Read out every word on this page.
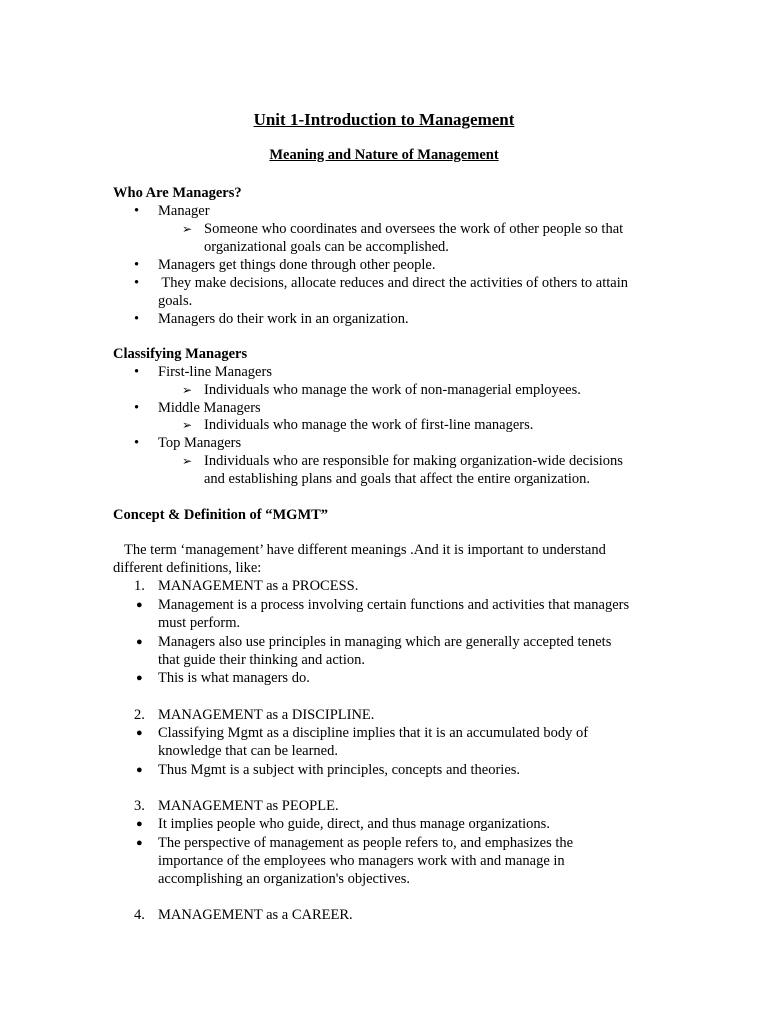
Unit 1-Introduction to Management
Meaning and Nature of Management
Who Are Managers?
• Manager
➢ Someone who coordinates and oversees the work of other people so that
organizational goals can be accomplished.
• Managers get things done through other people.
• They make decisions, allocate reduces and direct the activities of others to attain
goals.
• Managers do their work in an organization.
Classifying Managers
• First-line Managers
➢ Individuals who manage the work of non-managerial employees.
• Middle Managers
➢ Individuals who manage the work of first-line managers.
• Top Managers
➢ Individuals who are responsible for making organization-wide decisions
and establishing plans and goals that affect the entire organization.
Concept & Definition of “MGMT”
The term ‘management’ have different meanings .And it is important to understand
different definitions, like:
1. MANAGEMENT as a PROCESS.
● Management is a process involving certain functions and activities that managers
must perform.
● Managers also use principles in managing which are generally accepted tenets
that guide their thinking and action.
● This is what managers do.
2. MANAGEMENT as a DISCIPLINE.
● Classifying Mgmt as a discipline implies that it is an accumulated body of
knowledge that can be learned.
● Thus Mgmt is a subject with principles, concepts and theories.
3. MANAGEMENT as PEOPLE.
● It implies people who guide, direct, and thus manage organizations.
● The perspective of management as people refers to, and emphasizes the
importance of the employees who managers work with and manage in
accomplishing an organization's objectives.
4. MANAGEMENT as a CAREER.
